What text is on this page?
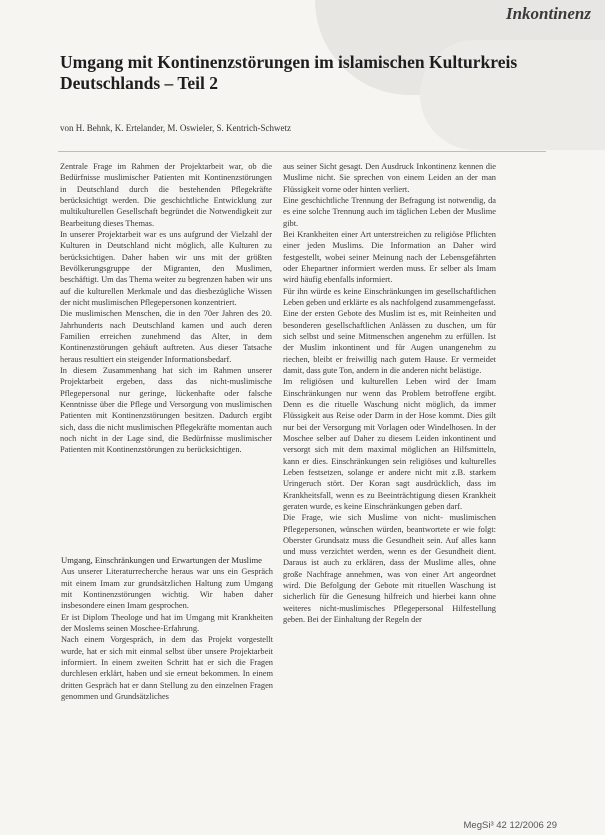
Inkontinenz
Umgang mit Kontinenzstörungen im islamischen Kulturkreis Deutschlands – Teil 2
von H. Behnk, K. Ertelander, M. Oswieler, S. Kentrich-Schwetz

Zentrale Frage im Rahmen der Projektarbeit war, ob die Bedürfnisse muslimischer Patienten mit Kontinenzstörungen in Deutschland durch die bestehenden Pflegekräfte berücksichtigt werden. Die geschichtliche Entwicklung zur multikulturellen Gesellschaft begründet die Notwendigkeit zur Bearbeitung dieses Themas.

In unserer Projektarbeit war es uns aufgrund der Vielzahl der Kulturen in Deutschland nicht möglich, alle Kulturen zu berücksichtigen. Daher haben wir uns mit der größten Bevölkerungsgruppe der Migranten, den Muslimen, beschäftigt. Um das Thema weiter zu begrenzen haben wir uns auf die kulturellen Merkmale und das diesbezügliche Wissen der nicht muslimischen Pflegepersonen konzentriert.

Die muslimischen Menschen, die in den 70er Jahren des 20. Jahrhunderts nach Deutschland kamen und auch deren Familien erreichen zunehmend das Alter, in dem Kontinenzstörungen gehäuft auftreten. Aus dieser Tatsache heraus resultiert ein steigender Informationsbedarf.

In diesem Zusammenhang hat sich im Rahmen unserer Projektarbeit ergeben, dass das nicht-muslimische Pflegepersonal nur geringe, lückenhafte oder falsche Kenntnisse über die Pflege und Versorgung von muslimischen Patienten mit Kontinenzstörungen besitzen. Dadurch ergibt sich, dass die nicht muslimischen Pflegekräfte momentan auch noch nicht in der Lage sind, die Bedürfnisse muslimischer Patienten mit Kontinenzstörungen zu berücksichtigen.

Umgang, Einschränkungen und Erwartungen der Muslime

Aus unserer Literaturrecherche heraus war uns ein Gespräch mit einem Imam zur grundsätzlichen Haltung zum Umgang mit Kontinenzstörungen wichtig. Wir haben daher insbesondere einen Imam gesprochen.

Er ist Diplom Theologe und hat im Umgang mit Krankheiten der Moslems seinen Moschee-Erfahrung.

Nach einem Vorgespräch, in dem das Projekt vorgestellt wurde, hat er sich mit einmal selbst über unsere Projektarbeit informiert. In einem zweiten Schritt hat er sich die Fragen durchlesen erklärt, haben und sie erneut bekommen. In einem dritten Gespräch hat er dann Stellung zu den einzelnen Fragen genommen und Grundsätzliches

aus seiner Sicht gesagt. Den Ausdruck Inkontinenz kennen die Muslime nicht. Sie sprechen von einem Leiden an der man Flüssigkeit vorne oder hinten verliert.

Eine geschichtliche Trennung der Befragung ist notwendig, da es eine solche Trennung auch im täglichen Leben der Muslime gibt.

Bei Krankheiten einer Art unterstreichen zu religiöse Pflichten einer jeden Muslims. Die Information an Daher wird festgestellt, wobei seiner Meinung nach der Lebensgefährten oder Ehepartner informiert werden muss. Er selber als Imam wird häufig ebenfalls informiert.

Für ihn würde es keine Einschränkungen im gesellschaftlichen Leben geben und erklärte es als nachfolgend zusammengefasst.

Eine der ersten Gebote des Muslim ist es, mit Reinheiten und besonderen gesellschaftlichen Anlässen zu duschen, um für sich selbst und seine Mitmenschen angenehm zu erfüllen. Ist der Muslim inkontinent und für Augen unangenehm zu riechen, bleibt er freiwillig nach gutem Hause. Er vermeidet damit, dass gute Ton, andern in die anderen nicht belästige.

Im religiösen und kulturellen Leben wird der Imam Einschränkungen nur wenn das Problem betroffene ergibt. Denn es die rituelle Waschung nicht möglich, da immer Flüssigkeit aus Reise oder Darm in der Hose kommt. Dies gilt nur bei der Versorgung mit Vorlagen oder Windelhosen. In der Moschee selber auf Daher zu diesem Leiden inkontinent und versorgt sich mit dem maximal möglichen an Hilfsmitteln, kann er dies. Einschränkungen sein religiöses und kulturelles Leben festsetzen, solange er andere nicht mit z.B. starkem Uringeruch stört. Der Koran sagt ausdrücklich, dass im Krankheitsfall, wenn es zu Beeinträchtigung diesen Krankheit geraten wurde, es keine Einschränkungen geben darf.

Die Frage, wie sich Muslime von nicht- muslimischen Pflegepersonen, wünschen würden, beantwortete er wie folgt: Oberster Grundsatz muss die Gesundheit sein. Auf alles kann und muss verzichtet werden, wenn es der Gesundheit dient. Daraus ist auch zu erklären, dass der Muslime alles, ohne große Nachfrage annehmen, was von einer Art angeordnet wird. Die Befolgung der Gebote mit rituellen Waschung ist sicherlich für die Genesung hilfreich und hierbei kann ohne weiteres nicht-muslimisches Pflegepersonal Hilfestellung geben. Bei der Einhaltung der Regeln der

MegSi³ 42 12/2006 29
